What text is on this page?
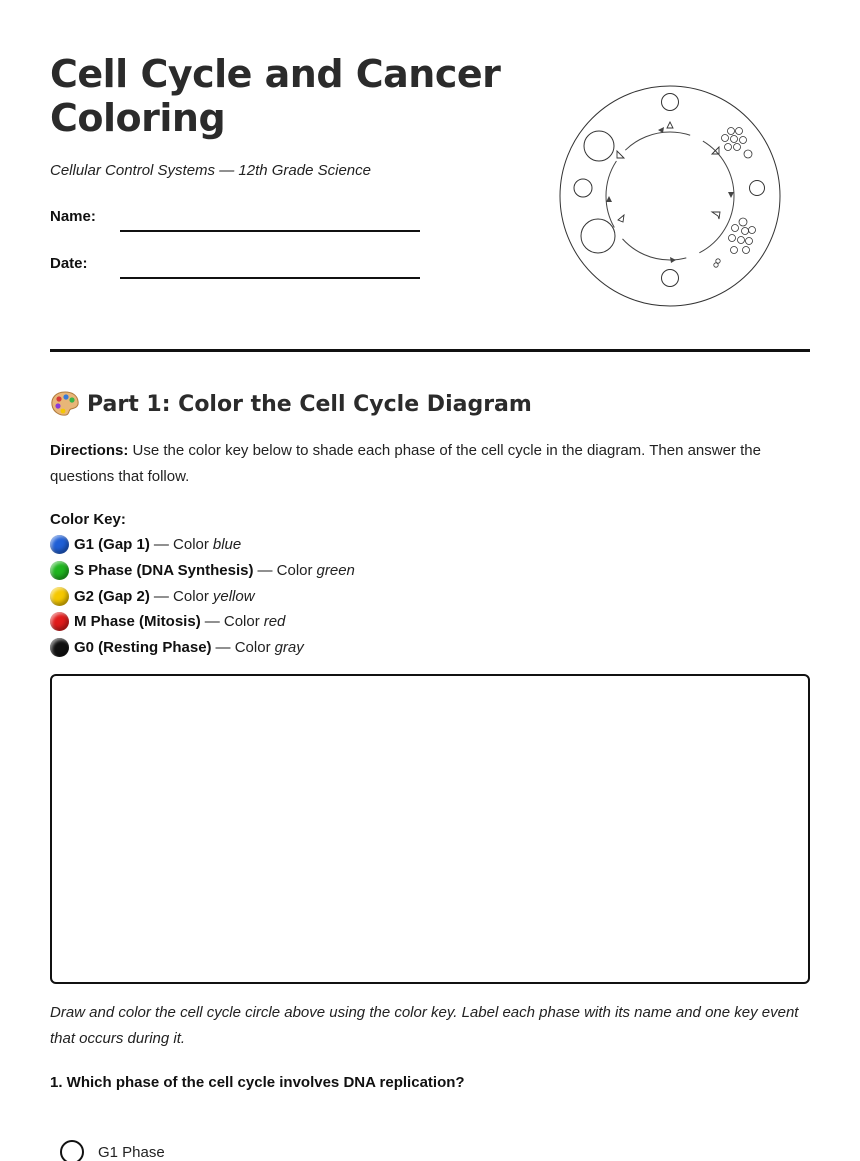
Cell Cycle and Cancer Coloring
Cellular Control Systems — 12th Grade Science
Name:
Date:
Part 1: Color the Cell Cycle Diagram
Directions: Use the color key below to shade each phase of the cell cycle in the diagram. Then answer the questions that follow.
Color Key:
G1 (Gap 1) — Color blue
S Phase (DNA Synthesis) — Color green
G2 (Gap 2) — Color yellow
M Phase (Mitosis) — Color red
G0 (Resting Phase) — Color gray
Draw and color the cell cycle circle above using the color key. Label each phase with its name and one key event that occurs during it.
1. Which phase of the cell cycle involves DNA replication?
G1 Phase
